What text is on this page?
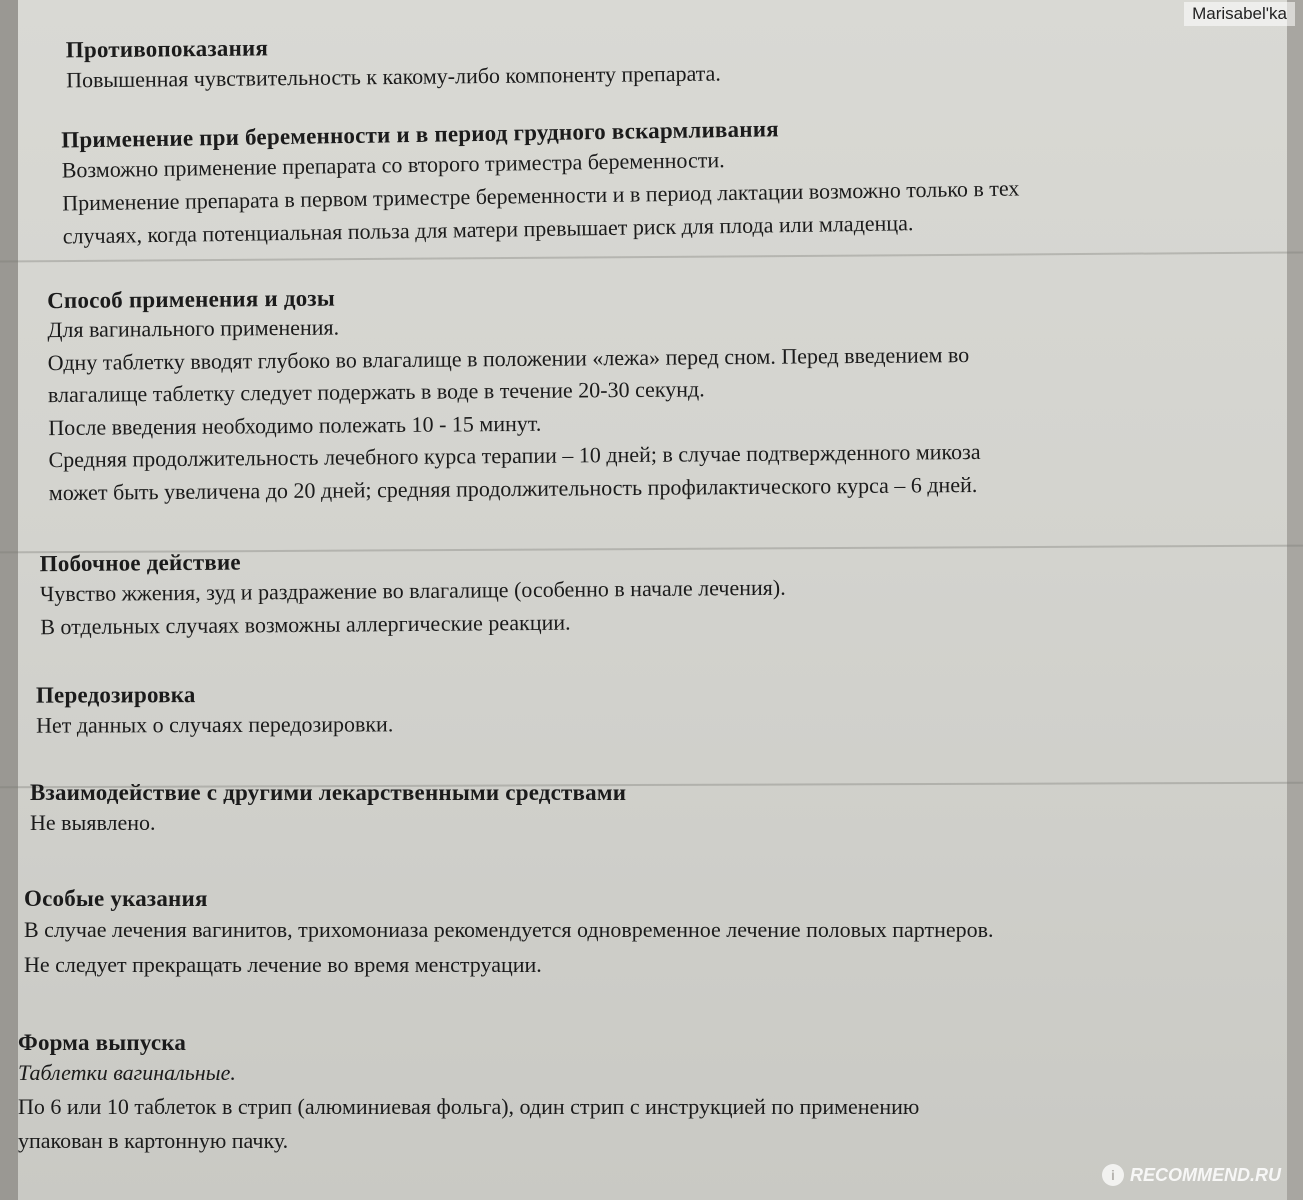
Противопоказания
Повышенная чувствительность к какому-либо компоненту препарата.
Применение при беременности и в период грудного вскармливания
Возможно применение препарата со второго триместра беременности.
Применение препарата в первом триместре беременности и в период лактации возможно только в тех
случаях, когда потенциальная польза для матери превышает риск для плода или младенца.
Способ применения и дозы
Для вагинального применения.
Одну таблетку вводят глубоко во влагалище в положении «лежа» перед сном. Перед введением во
влагалище таблетку следует подержать в воде в течение 20-30 секунд.
После введения необходимо полежать 10 - 15 минут.
Средняя продолжительность лечебного курса терапии – 10 дней; в случае подтвержденного микоза
может быть увеличена до 20 дней; средняя продолжительность профилактического курса – 6 дней.
Побочное действие
Чувство жжения, зуд и раздражение во влагалище (особенно в начале лечения).
В отдельных случаях возможны аллергические реакции.
Передозировка
Нет данных о случаях передозировки.
Взаимодействие с другими лекарственными средствами
Не выявлено.
Особые указания
В случае лечения вагинитов, трихомониаза рекомендуется одновременное лечение половых партнеров.
Не следует прекращать лечение во время менструации.
Форма выпуска
Таблетки вагинальные.
По 6 или 10 таблеток в стрип (алюминиевая фольга), один стрип с инструкцией по применению
упакован в картонную пачку.
Marisabel'ka
i RECOMMEND.RU
